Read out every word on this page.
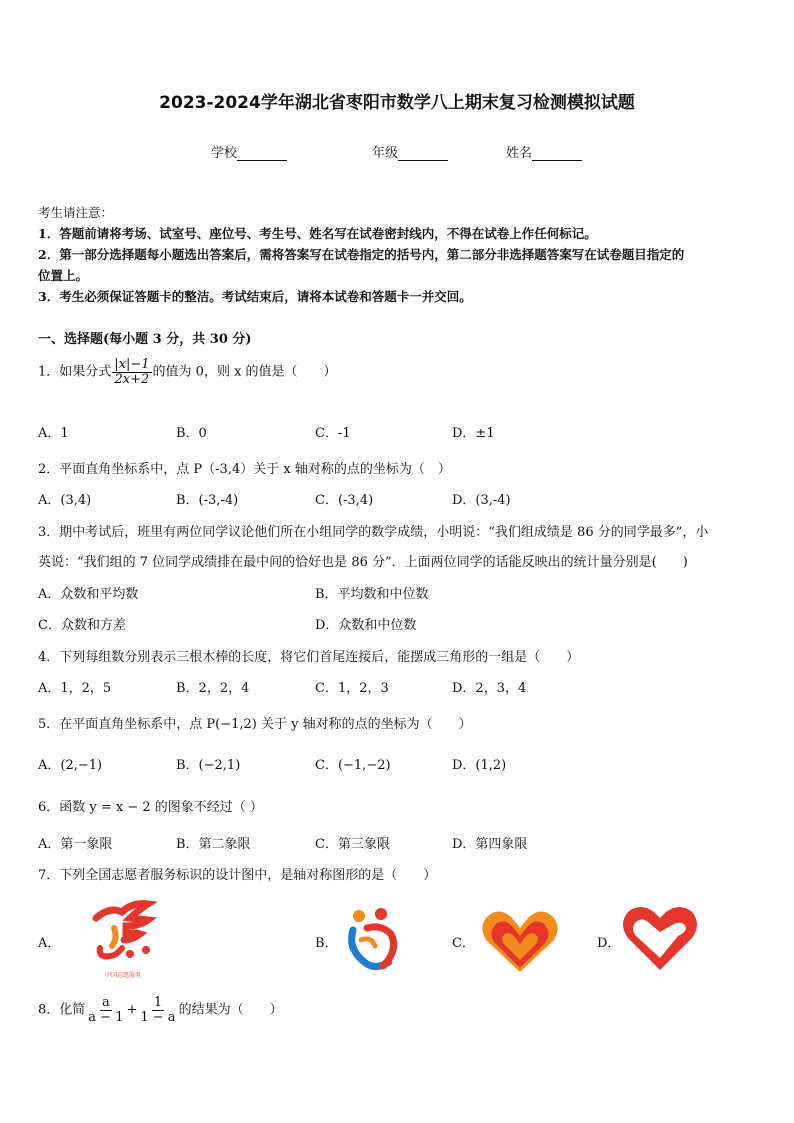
2023-2024学年湖北省枣阳市数学八上期末复习检测模拟试题
学校	年级	姓名
考生请注意：
1．答题前请将考场、试室号、座位号、考生号、姓名写在试卷密封线内，不得在试卷上作任何标记。
2．第一部分选择题每小题选出答案后，需将答案写在试卷指定的括号内，第二部分非选择题答案写在试卷题目指定的
位置上。
3．考生必须保证答题卡的整洁。考试结束后，请将本试卷和答题卡一并交回。
一、选择题(每小题 3 分，共 30 分)
1．如果分式 $\frac{|x|-1}{2x+2}$ 的值为 0，则 x 的值是（　　）
A．1	B．0	C．-1	D．±1
2．平面直角坐标系中，点 P（-3,4）关于 x 轴对称的点的坐标为（　）
A．(3,4)	B．(-3,-4)	C．(-3,4)	D．(3,-4)
3．期中考试后，班里有两位同学议论他们所在小组同学的数学成绩，小明说：“我们组成绩是 86 分的同学最多”，小
英说：“我们组的 7 位同学成绩排在最中间的恰好也是 86 分”．上面两位同学的话能反映出的统计量分别是(　　)
A．众数和平均数	B．平均数和中位数
C．众数和方差	D．众数和中位数
4．下列每组数分别表示三根木棒的长度，将它们首尾连接后，能摆成三角形的一组是（　　）
A．1，2，5	B．2，2，4	C．1，2，3	D．2，3，4
5．在平面直角坐标系中，点 P(−1,2) 关于 y 轴对称的点的坐标为（　　）
A．(2,−1)	B．(−2,1)	C．(−1,−2)	D．(1,2)
6．函数 y = x − 2 的图象不经过（ ）
A．第一象限	B．第二象限	C．第三象限	D．第四象限
7．下列全国志愿者服务标识的设计图中，是轴对称图形的是（　　）
A．	B．	C．	D．
中国志愿服务
8．化简 $\frac{a}{a - 1} + \frac{1}{1 - a}$ 的结果为（　　）
